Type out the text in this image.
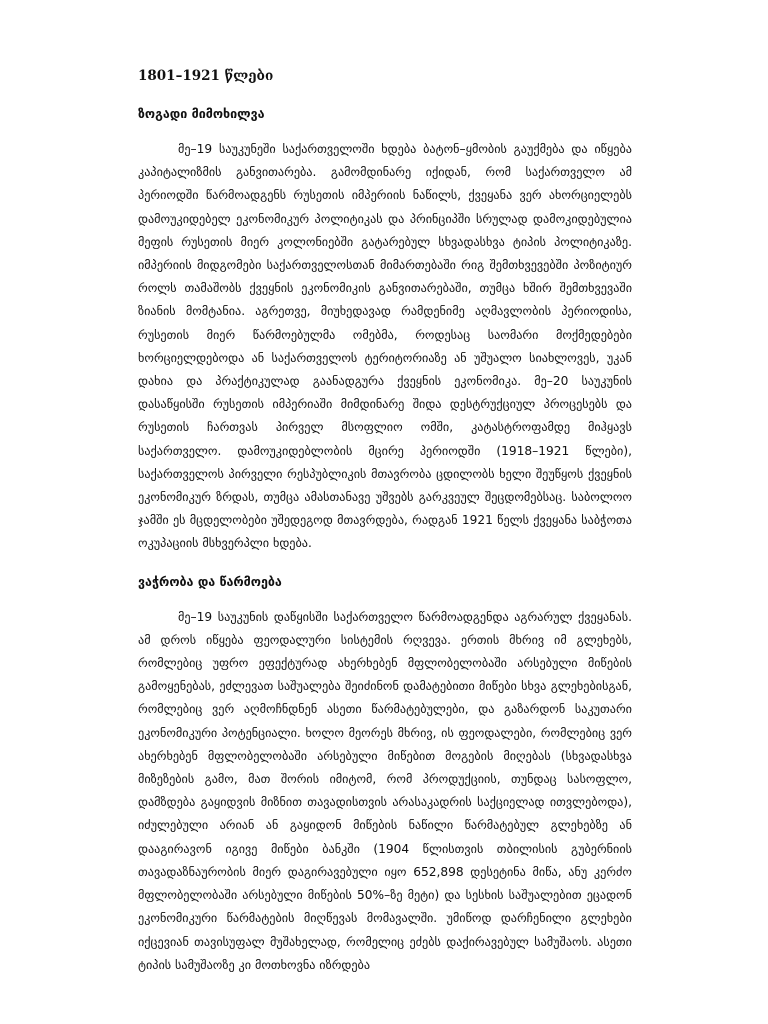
1801–1921 წლები
ზოგადი მიმოხილვა

მე–19 საუკუნეში საქართველოში ხდება ბატონ–ყმობის გაუქმება და იწყება კაპიტალიზმის განვითარება. გამომდინარე იქიდან, რომ საქართველო ამ პერიოდში წარმოადგენს რუსეთის იმპერიის ნაწილს, ქვეყანა ვერ ახორციელებს დამოუკიდებელ ეკონომიკურ პოლიტიკას და პრინციპში სრულად დამოკიდებულია მეფის რუსეთის მიერ კოლონიებში გატარებულ სხვადასხვა ტიპის პოლიტიკაზე. იმპერიის მიდგომები საქართველოსთან მიმართებაში რიგ შემთხვევებში პოზიტიურ როლს თამაშობს ქვეყნის ეკონომიკის განვითარებაში, თუმცა ხშირ შემთხვევაში ზიანის მომტანია. აგრეთვე, მიუხედავად რამდენიმე აღმავლობის პერიოდისა, რუსეთის მიერ წარმოებულმა ომებმა, როდესაც საომარი მოქმედებები ხორციელდებოდა ან საქართველოს ტერიტორიაზე ან უშუალო სიახლოვეს, უკან დახია და პრაქტიკულად გაანადგურა ქვეყნის ეკონომიკა. მე–20 საუკუნის დასაწყისში რუსეთის იმპერიაში მიმდინარე შიდა დესტრუქციულ პროცესებს და რუსეთის ჩართვას პირველ მსოფლიო ომში, კატასტროფამდე მიჰყავს საქართველო. დამოუკიდებლობის მცირე პერიოდში (1918–1921 წლები), საქართველოს პირველი რესპუბლიკის მთავრობა ცდილობს ხელი შეუწყოს ქვეყნის ეკონომიკურ ზრდას, თუმცა ამასთანავე უშვებს გარკვეულ შეცდომებსაც. საბოლოო ჯამში ეს მცდელობები უშედეგოდ მთავრდება, რადგან 1921 წელს ქვეყანა საბჭოთა ოკუპაციის მსხვერპლი ხდება.

ვაჭრობა და წარმოება

მე–19 საუკუნის დაწყისში საქართველო წარმოადგენდა აგრარულ ქვეყანას. ამ დროს იწყება ფეოდალური სისტემის რღვევა. ერთის მხრივ იმ გლეხებს, რომლებიც უფრო ეფექტურად ახერხებენ მფლობელობაში არსებული მიწების გამოყენებას, ეძლევათ საშუალება შეიძინონ დამატებითი მიწები სხვა გლეხებისგან, რომლებიც ვერ აღმოჩნდნენ ასეთი წარმატებულები, და გაზარდონ საკუთარი ეკონომიკური პოტენციალი. ხოლო მეორეს მხრივ, ის ფეოდალები, რომლებიც ვერ ახერხებენ მფლობელობაში არსებული მიწებით მოგების მიღებას (სხვადასხვა მიზეზების გამო, მათ შორის იმიტომ, რომ პროდუქციის, თუნდაც სასოფლო, დამზდება გაყიდვის მიზნით თავადისთვის არასაკადრის საქციელად ითვლებოდა), იძულებული არიან ან გაყიდონ მიწების ნაწილი წარმატებულ გლეხებზე ან დააგირავონ იგივე მიწები ბანკში (1904 წლისთვის თბილისის გუბერნიის თავადაზნაურობის მიერ დაგირავებული იყო 652,898 დესეტინა მიწა, ანუ კერძო მფლობელობაში არსებული მიწების 50%–ზე მეტი) და სესხის საშუალებით ეცადონ ეკონომიკური წარმატების მიღწევას მომავალში. უმიწოდ დარჩენილი გლეხები იქცევიან თავისუფალ მუშახელად, რომელიც ეძებს დაქირავებულ სამუშაოს. ასეთი ტიპის სამუშაოზე კი მოთხოვნა იზრდება
